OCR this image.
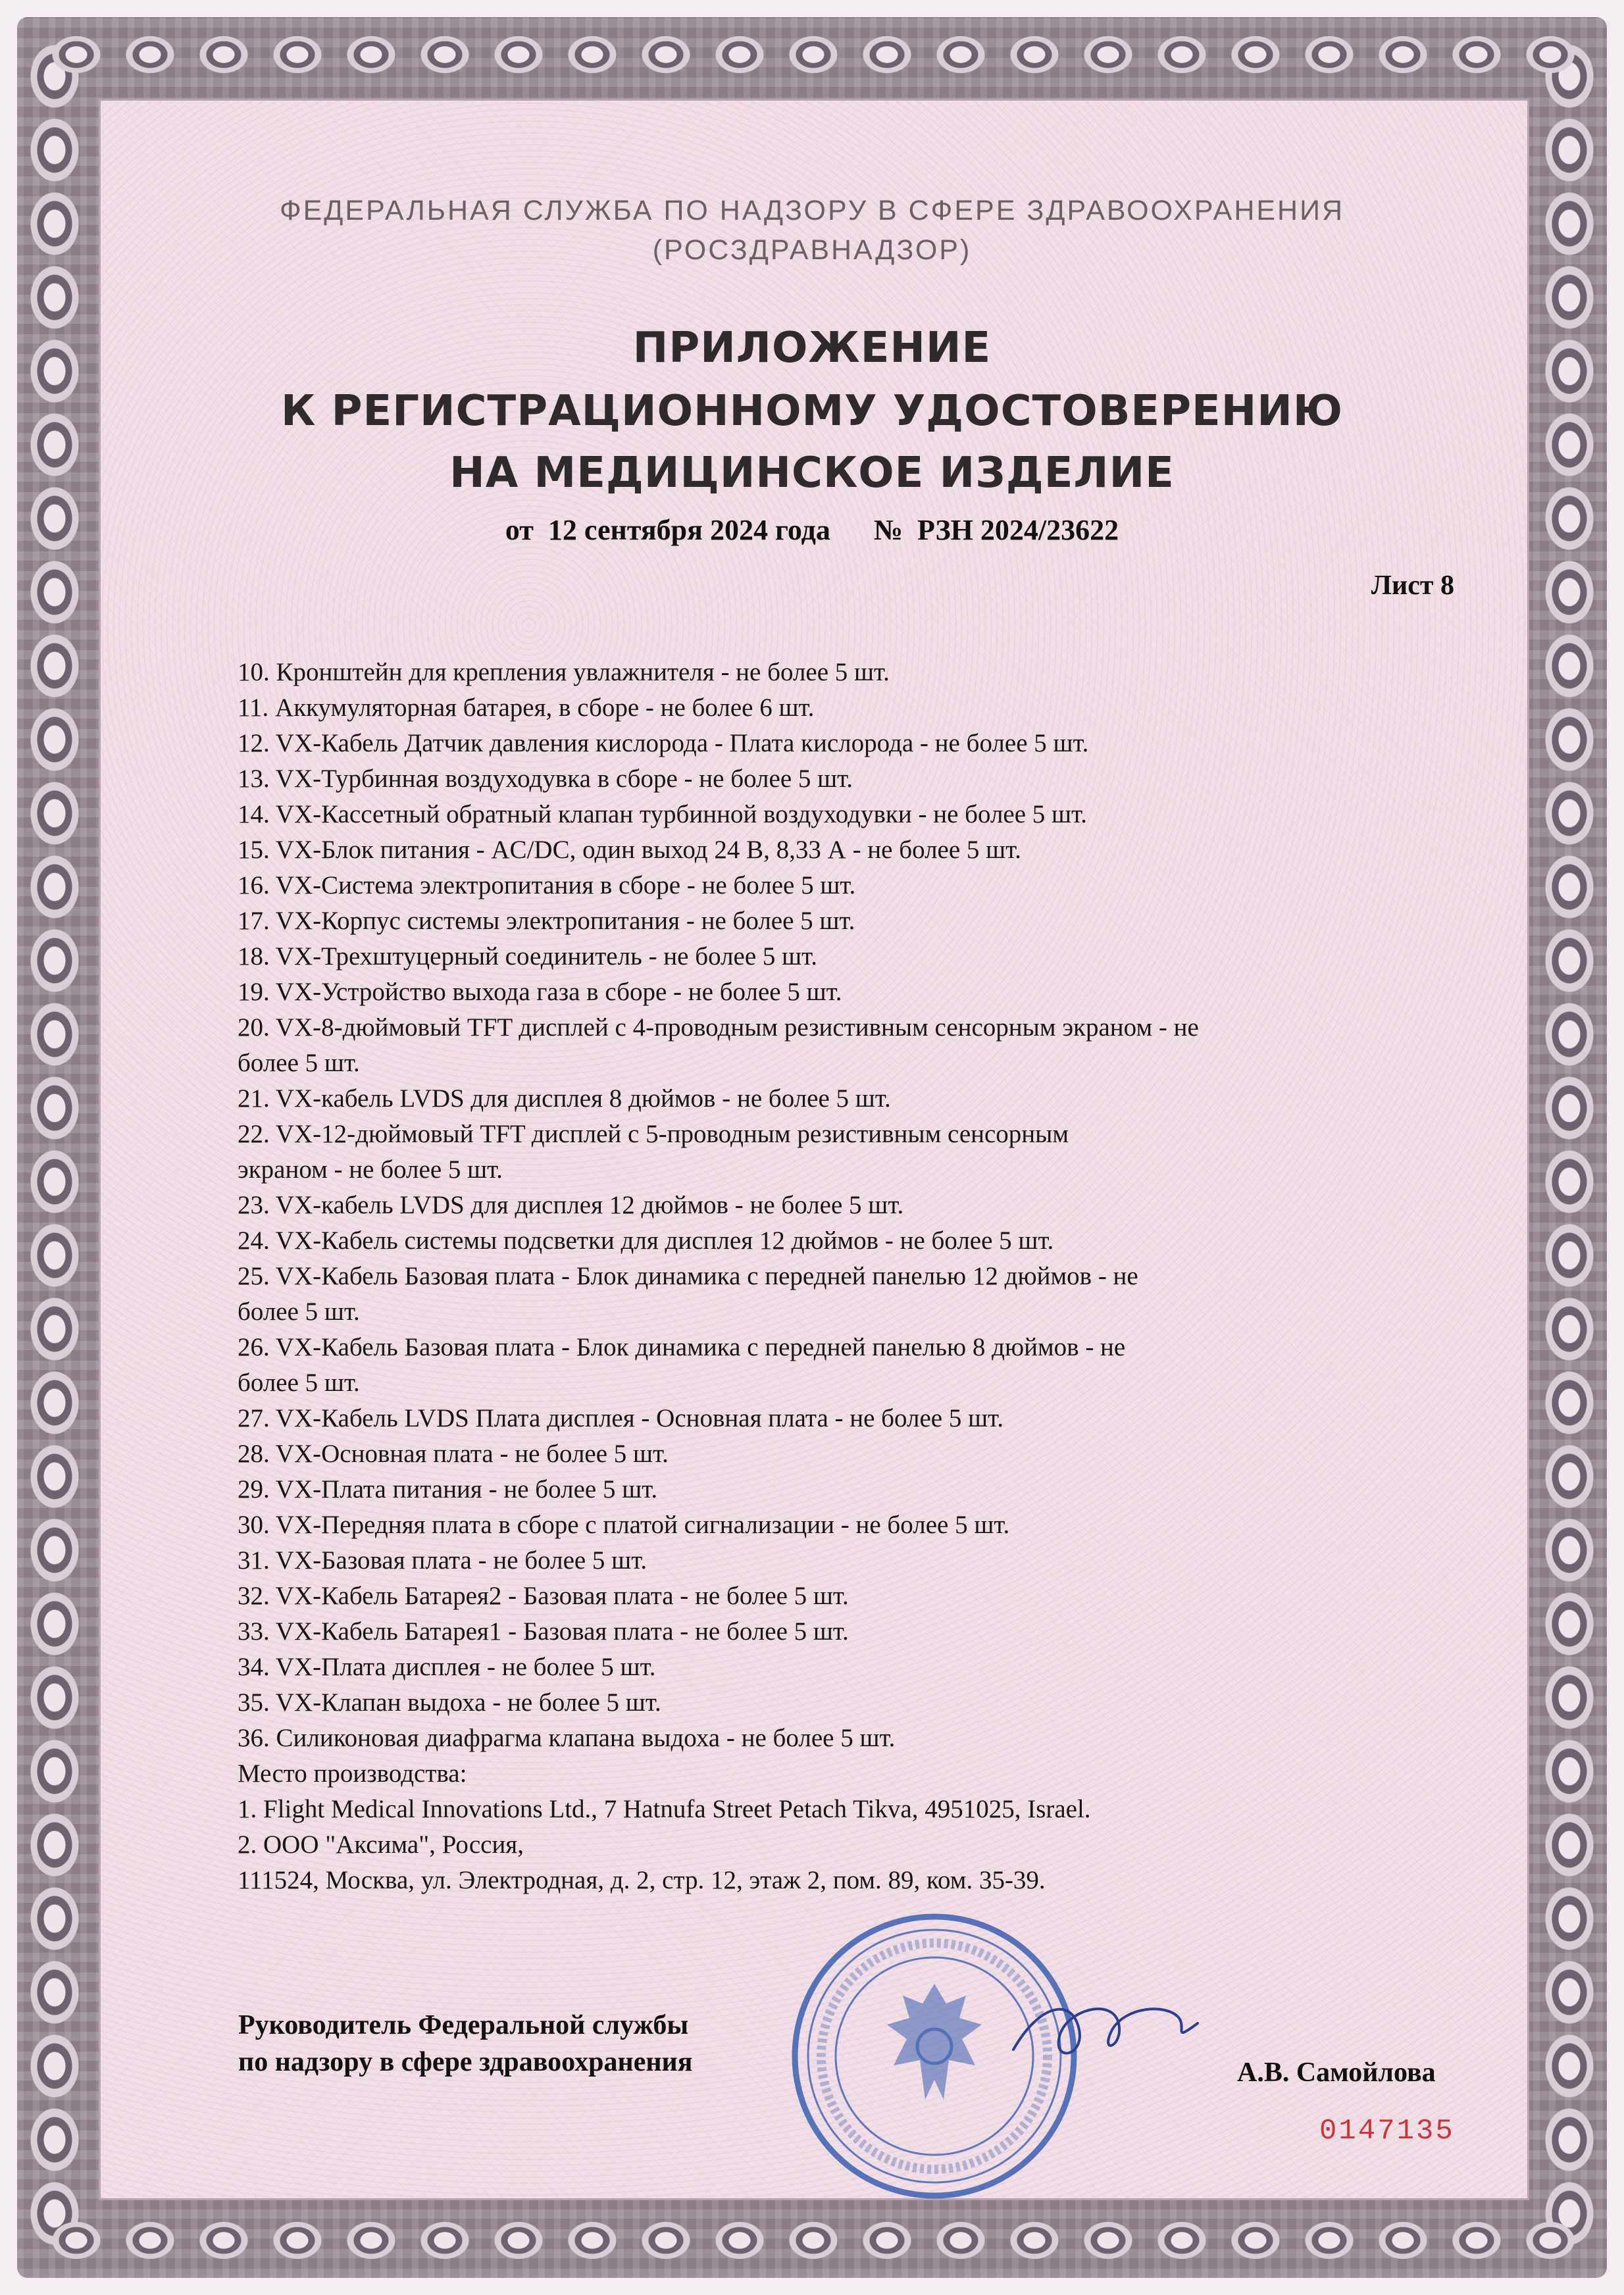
ФЕДЕРАЛЬНАЯ СЛУЖБА ПО НАДЗОРУ В СФЕРЕ ЗДРАВООХРАНЕНИЯ
(РОСЗДРАВНАДЗОР)
ПРИЛОЖЕНИЕ
К РЕГИСТРАЦИОННОМУ УДОСТОВЕРЕНИЮ
НА МЕДИЦИНСКОЕ ИЗДЕЛИЕ
от  12 сентября 2024 года №  РЗН 2024/23622
Лист 8
10. Кронштейн для крепления увлажнителя - не более 5 шт.
11. Аккумуляторная батарея, в сборе - не более 6 шт.
12. VX-Кабель Датчик давления кислорода - Плата кислорода - не более 5 шт.
13. VX-Турбинная воздуходувка в сборе - не более 5 шт.
14. VX-Кассетный обратный клапан турбинной воздуходувки - не более 5 шт.
15. VX-Блок питания - AC/DC, один выход 24 В, 8,33 А - не более 5 шт.
16. VX-Система электропитания в сборе - не более 5 шт.
17. VX-Корпус системы электропитания - не более 5 шт.
18. VX-Трехштуцерный соединитель - не более 5 шт.
19. VX-Устройство выхода газа в сборе - не более 5 шт.
20. VX-8-дюймовый TFT дисплей с 4-проводным резистивным сенсорным экраном - не
более 5 шт.
21. VX-кабель LVDS для дисплея 8 дюймов - не более 5 шт.
22. VX-12-дюймовый TFT дисплей с 5-проводным резистивным сенсорным
экраном - не более 5 шт.
23. VX-кабель LVDS для дисплея 12 дюймов - не более 5 шт.
24. VX-Кабель системы подсветки для дисплея 12 дюймов - не более 5 шт.
25. VX-Кабель Базовая плата - Блок динамика с передней панелью 12 дюймов - не
более 5 шт.
26. VX-Кабель Базовая плата - Блок динамика с передней панелью 8 дюймов - не
более 5 шт.
27. VX-Кабель LVDS Плата дисплея - Основная плата - не более 5 шт.
28. VX-Основная плата - не более 5 шт.
29. VX-Плата питания - не более 5 шт.
30. VX-Передняя плата в сборе с платой сигнализации - не более 5 шт.
31. VX-Базовая плата - не более 5 шт.
32. VX-Кабель Батарея2 - Базовая плата - не более 5 шт.
33. VX-Кабель Батарея1 - Базовая плата - не более 5 шт.
34. VX-Плата дисплея - не более 5 шт.
35. VX-Клапан выдоха - не более 5 шт.
36. Силиконовая диафрагма клапана выдоха - не более 5 шт.
Место производства:
1. Flight Medical Innovations Ltd., 7 Hatnufa Street Petach Tikva, 4951025, Israel.
2. ООО "Аксима", Россия,
111524, Москва, ул. Электродная, д. 2, стр. 12, этаж 2, пом. 89, ком. 35-39.
Руководитель Федеральной службы
по надзору в сфере здравоохранения	А.В. Самойлова
0147135
